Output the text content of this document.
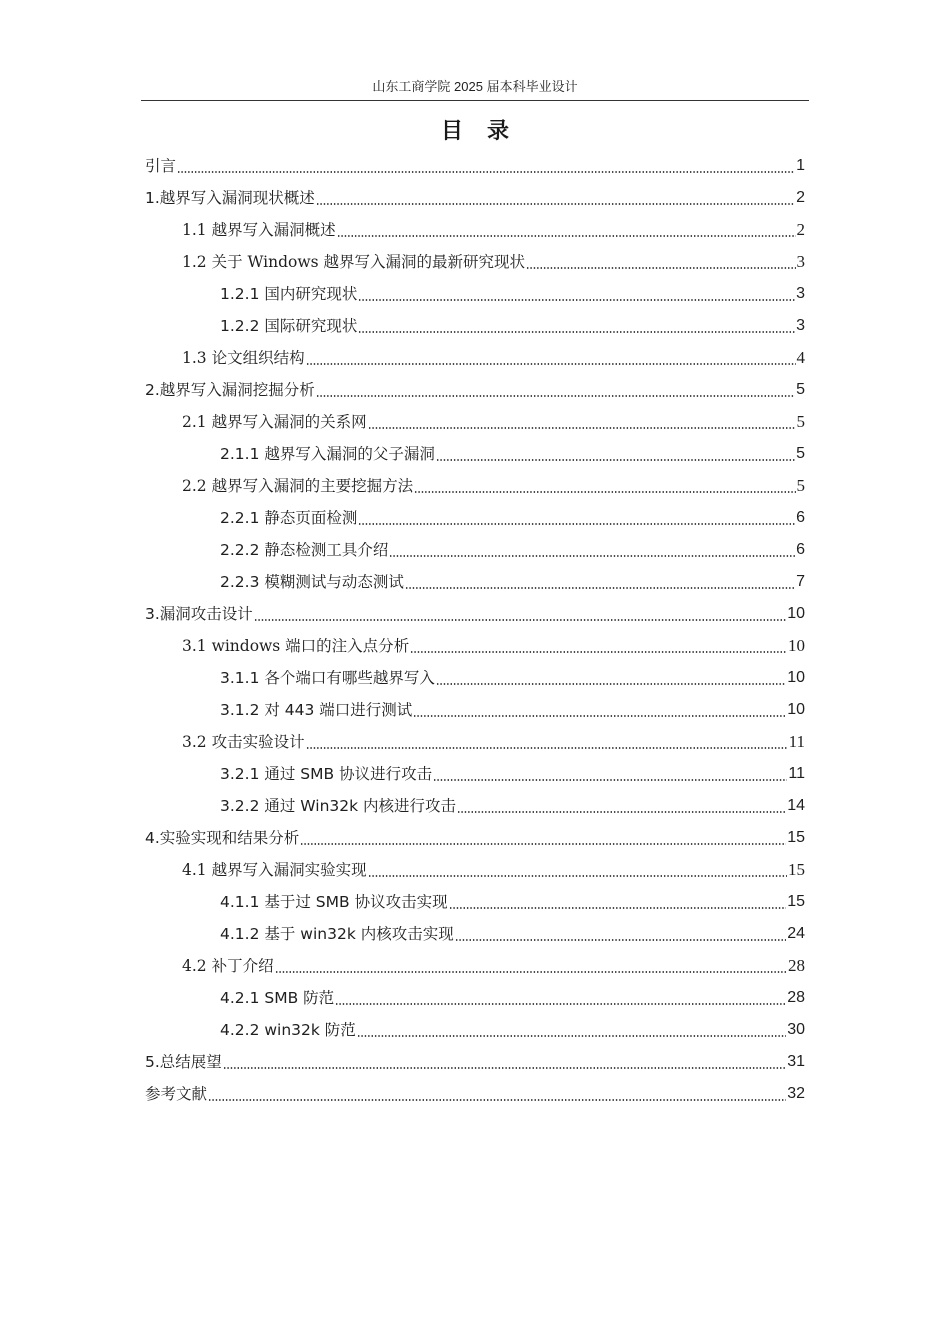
山东工商学院 2025 届本科毕业设计
目录
引言	1
1.越界写入漏洞现状概述	2
1.1 越界写入漏洞概述	2
1.2 关于 Windows 越界写入漏洞的最新研究现状	3
1.2.1 国内研究现状	3
1.2.2 国际研究现状	3
1.3 论文组织结构	4
2.越界写入漏洞挖掘分析	5
2.1 越界写入漏洞的关系网	5
2.1.1 越界写入漏洞的父子漏洞	5
2.2 越界写入漏洞的主要挖掘方法	5
2.2.1 静态页面检测	6
2.2.2 静态检测工具介绍	6
2.2.3 模糊测试与动态测试	7
3.漏洞攻击设计	10
3.1 windows 端口的注入点分析	10
3.1.1 各个端口有哪些越界写入	10
3.1.2 对 443 端口进行测试	10
3.2 攻击实验设计	11
3.2.1 通过 SMB 协议进行攻击	11
3.2.2 通过 Win32k 内核进行攻击	14
4.实验实现和结果分析	15
4.1 越界写入漏洞实验实现	15
4.1.1 基于过 SMB 协议攻击实现	15
4.1.2 基于 win32k 内核攻击实现	24
4.2 补丁介绍	28
4.2.1 SMB 防范	28
4.2.2 win32k 防范	30
5.总结展望	31
参考文献	32
